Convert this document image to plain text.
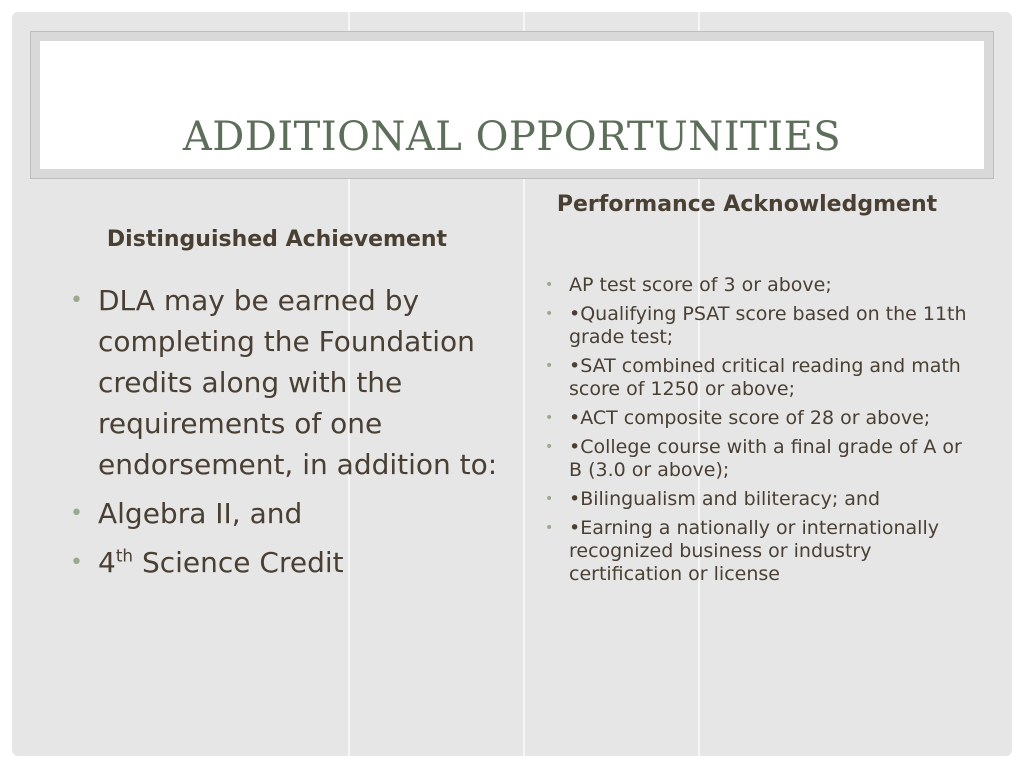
ADDITIONAL OPPORTUNITIES
Distinguished Achievement
• DLA may be earned by completing the Foundation credits along with the requirements of one endorsement, in addition to:
• Algebra II, and
• 4th Science Credit
Performance Acknowledgment
• AP test score of 3 or above;
• •Qualifying PSAT score based on the 11th grade test;
• •SAT combined critical reading and math score of 1250 or above;
• •ACT composite score of 28 or above;
• •College course with a final grade of A or B (3.0 or above);
• •Bilingualism and biliteracy; and
• •Earning a nationally or internationally recognized business or industry certification or license
